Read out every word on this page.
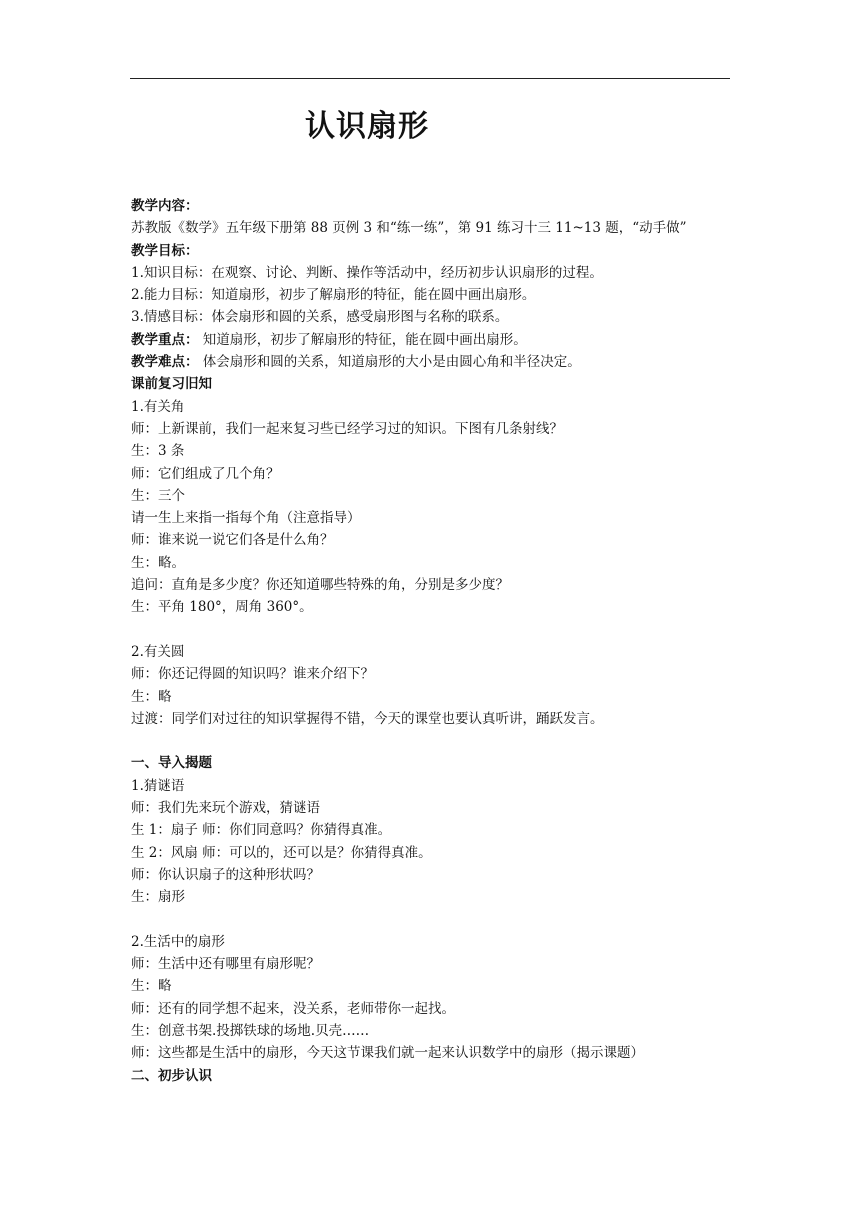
认识扇形
教学内容：
苏教版《数学》五年级下册第 88 页例 3 和“练一练”，第 91 练习十三 11~13 题，“动手做”
教学目标：
1.知识目标：在观察、讨论、判断、操作等活动中，经历初步认识扇形的过程。
2.能力目标：知道扇形，初步了解扇形的特征，能在圆中画出扇形。
3.情感目标：体会扇形和圆的关系，感受扇形图与名称的联系。
教学重点： 知道扇形，初步了解扇形的特征，能在圆中画出扇形。
教学难点： 体会扇形和圆的关系，知道扇形的大小是由圆心角和半径决定。
课前复习旧知
1.有关角
师：上新课前，我们一起来复习些已经学习过的知识。下图有几条射线？
生：3 条
师：它们组成了几个角？
生：三个
请一生上来指一指每个角（注意指导）
师：谁来说一说它们各是什么角？
生：略。
追问：直角是多少度？你还知道哪些特殊的角，分别是多少度？
生：平角 180°，周角 360°。
2.有关圆
师：你还记得圆的知识吗？谁来介绍下？
生：略
过渡：同学们对过往的知识掌握得不错，今天的课堂也要认真听讲，踊跃发言。
一、导入揭题
1.猜谜语
师：我们先来玩个游戏，猜谜语
生 1：扇子 师：你们同意吗？你猜得真准。
生 2：风扇 师：可以的，还可以是？你猜得真准。
师：你认识扇子的这种形状吗？
生：扇形
2.生活中的扇形
师：生活中还有哪里有扇形呢？
生：略
师：还有的同学想不起来，没关系，老师带你一起找。
生：创意书架.投掷铁球的场地.贝壳……
师：这些都是生活中的扇形，今天这节课我们就一起来认识数学中的扇形（揭示课题）
二、初步认识
